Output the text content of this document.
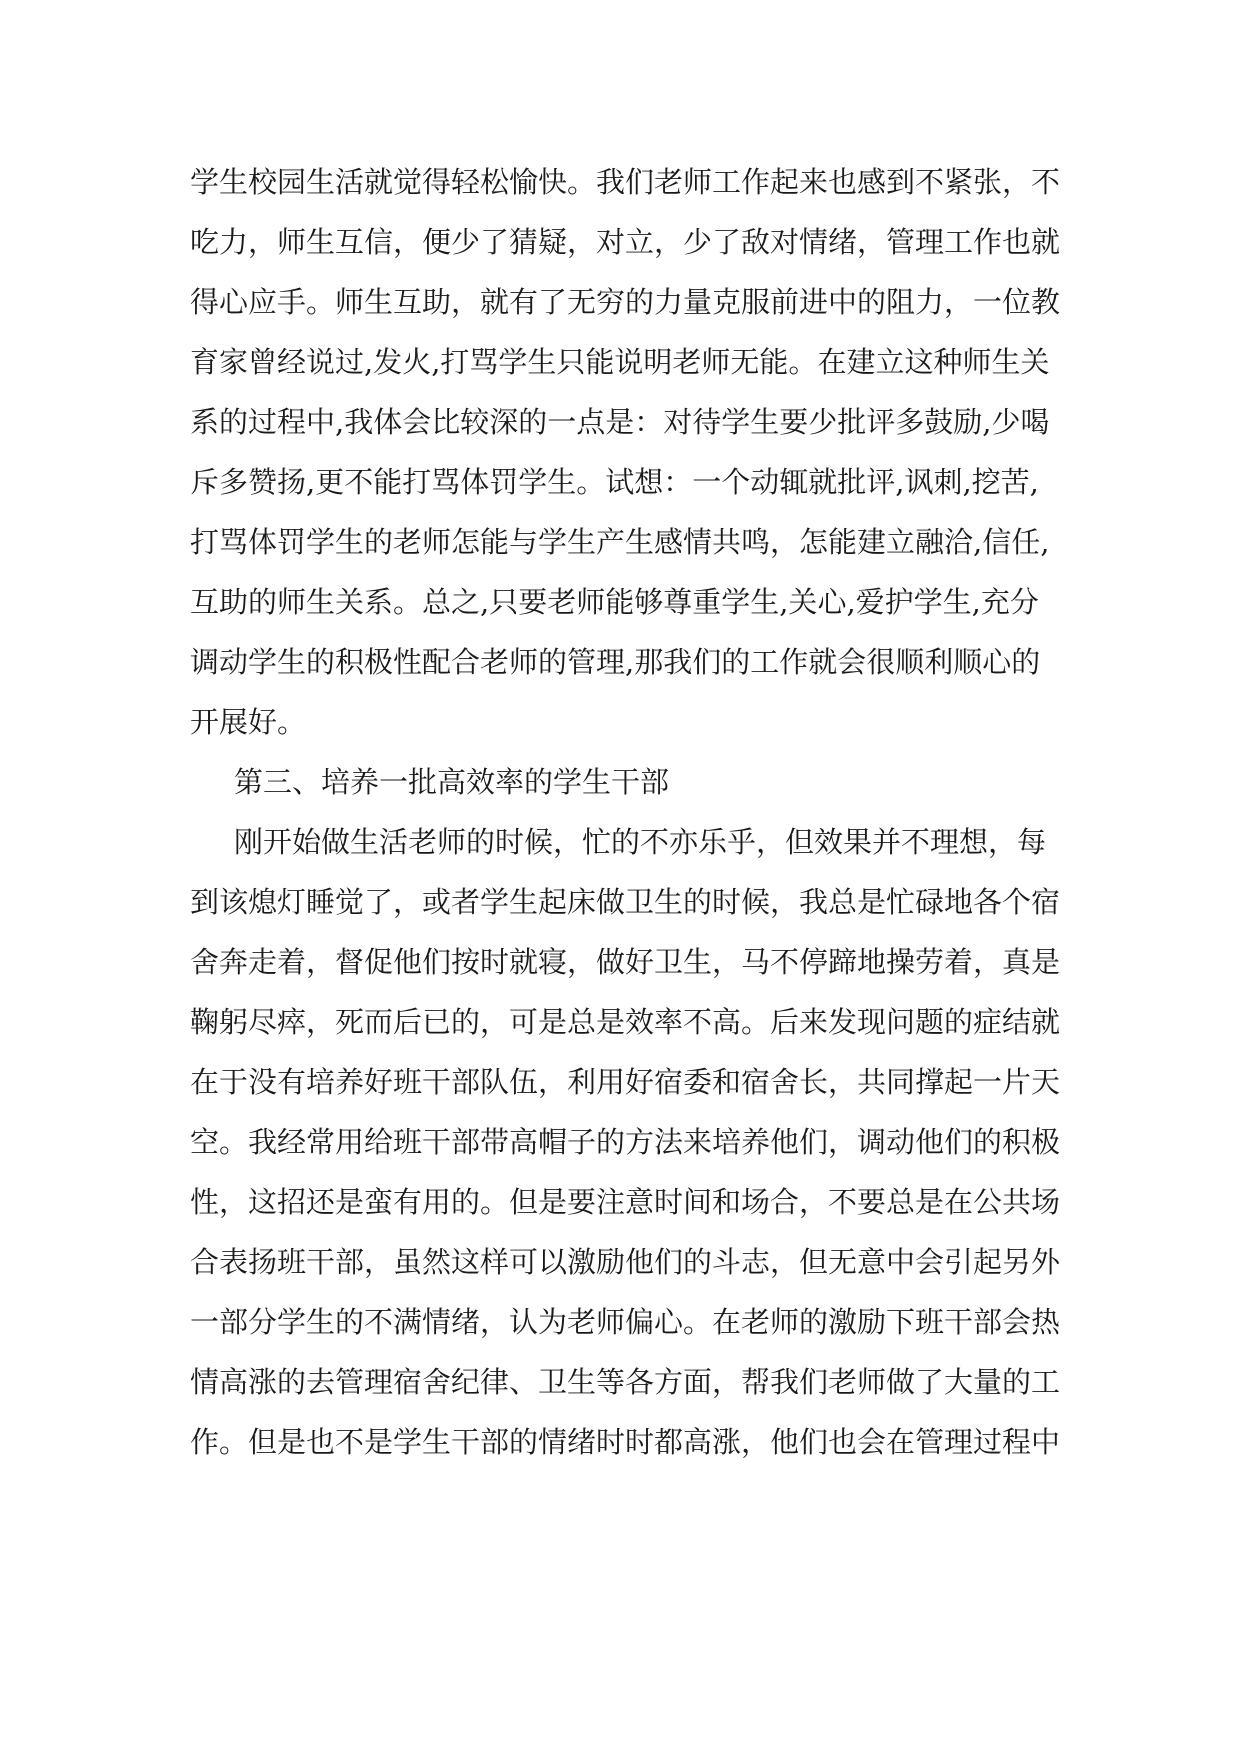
学生校园生活就觉得轻松愉快。我们老师工作起来也感到不紧张，不
吃力，师生互信，便少了猜疑，对立，少了敌对情绪，管理工作也就
得心应手。师生互助，就有了无穷的力量克服前进中的阻力，一位教
育家曾经说过,发火,打骂学生只能说明老师无能。在建立这种师生关
系的过程中,我体会比较深的一点是：对待学生要少批评多鼓励,少喝
斥多赞扬,更不能打骂体罚学生。试想：一个动辄就批评,讽刺,挖苦,
打骂体罚学生的老师怎能与学生产生感情共鸣，怎能建立融洽,信任,
互助的师生关系。总之,只要老师能够尊重学生,关心,爱护学生,充分
调动学生的积极性配合老师的管理,那我们的工作就会很顺利顺心的
开展好。
第三、培养一批高效率的学生干部
刚开始做生活老师的时候，忙的不亦乐乎，但效果并不理想，每
到该熄灯睡觉了，或者学生起床做卫生的时候，我总是忙碌地各个宿
舍奔走着，督促他们按时就寝，做好卫生，马不停蹄地操劳着，真是
鞠躬尽瘁，死而后已的，可是总是效率不高。后来发现问题的症结就
在于没有培养好班干部队伍，利用好宿委和宿舍长，共同撑起一片天
空。我经常用给班干部带高帽子的方法来培养他们，调动他们的积极
性，这招还是蛮有用的。但是要注意时间和场合，不要总是在公共场
合表扬班干部，虽然这样可以激励他们的斗志，但无意中会引起另外
一部分学生的不满情绪，认为老师偏心。在老师的激励下班干部会热
情高涨的去管理宿舍纪律、卫生等各方面，帮我们老师做了大量的工
作。但是也不是学生干部的情绪时时都高涨，他们也会在管理过程中
